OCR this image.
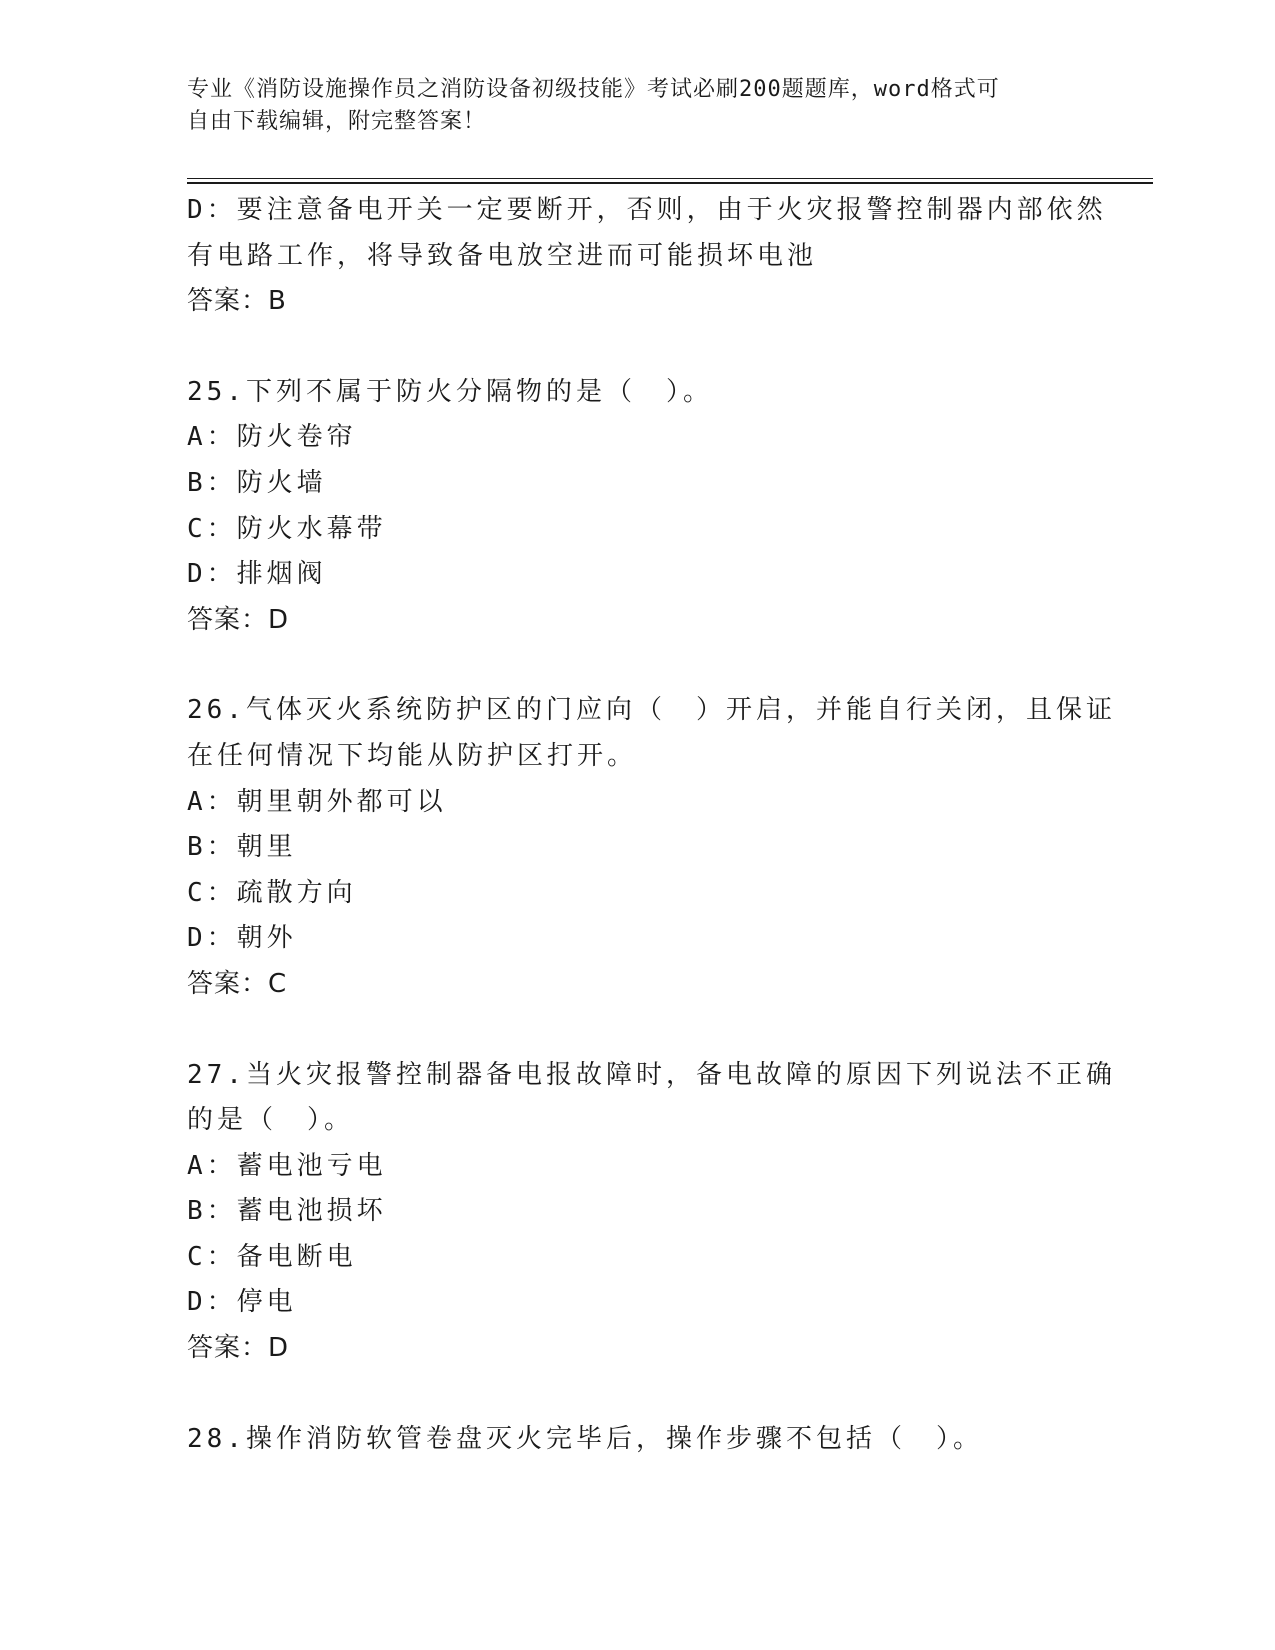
专业《消防设施操作员之消防设备初级技能》考试必刷200题题库，word格式可
自由下载编辑，附完整答案！
D：要注意备电开关一定要断开，否则，由于火灾报警控制器内部依然
有电路工作，将导致备电放空进而可能损坏电池
答案：B
25.下列不属于防火分隔物的是（　）。
A：防火卷帘
B：防火墙
C：防火水幕带
D：排烟阀
答案：D
26.气体灭火系统防护区的门应向（　）开启，并能自行关闭，且保证
在任何情况下均能从防护区打开。
A：朝里朝外都可以
B：朝里
C：疏散方向
D：朝外
答案：C
27.当火灾报警控制器备电报故障时，备电故障的原因下列说法不正确
的是（　）。
A：蓄电池亏电
B：蓄电池损坏
C：备电断电
D：停电
答案：D
28.操作消防软管卷盘灭火完毕后，操作步骤不包括（　）。
